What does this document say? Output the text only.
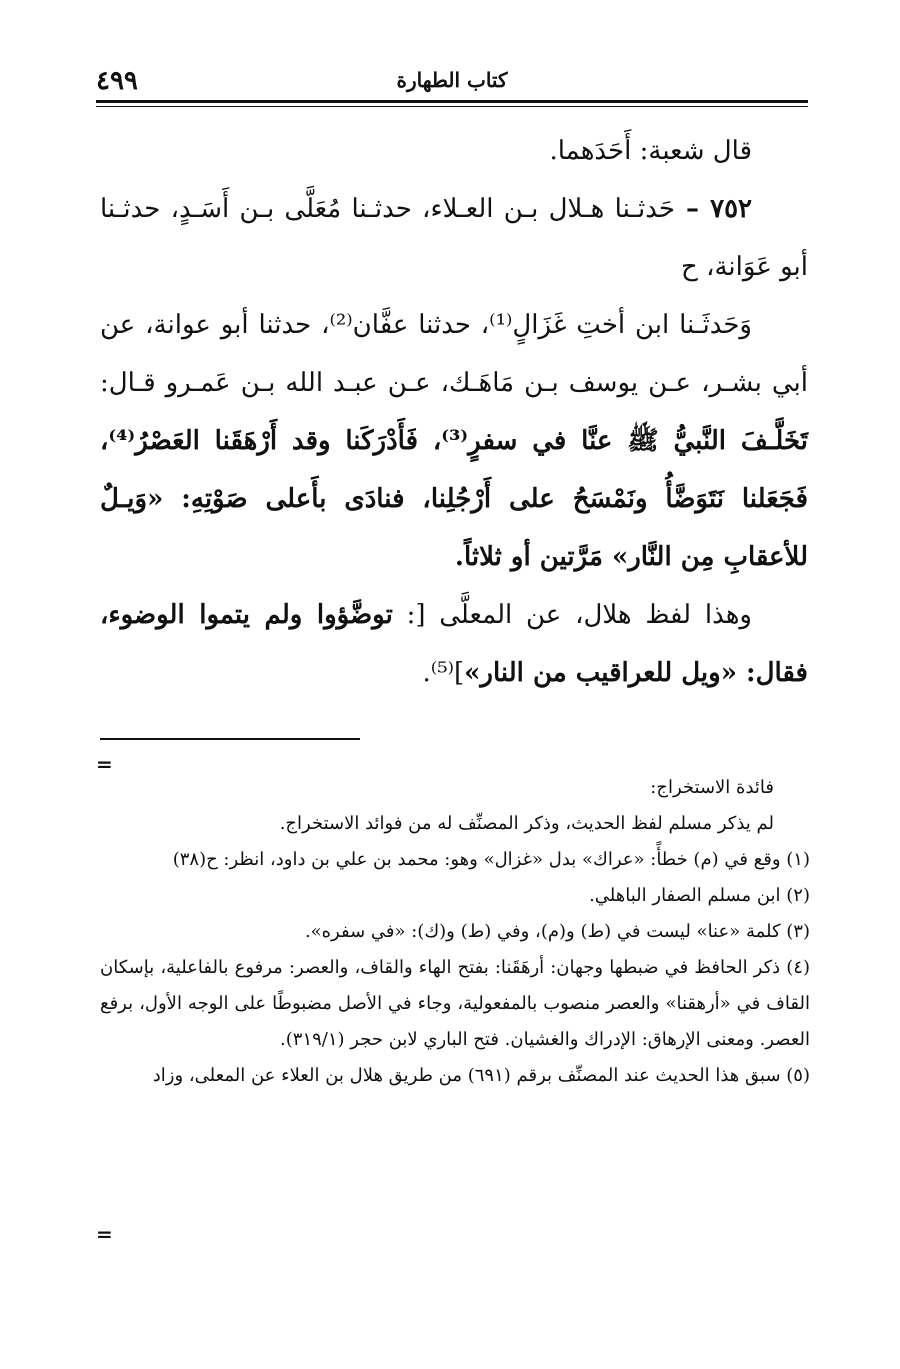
كتاب الطهارة
٤٩٩

قال شعبة: أَحَدَهما.

٧٥٢ – حَدثـنا هـلال بـن العـلاء، حدثـنا مُعَلَّى بـن أَسَـدٍ، حدثـنا أبو عَوَانة، ح

وَحَدثَـنا ابن أختِ غَزَالٍ⁽¹⁾، حدثنا عفَّان⁽²⁾، حدثنا أبو عوانة، عن أبي بشـر، عـن يوسف بـن مَاهَـك، عـن عبـد الله بـن عَمـرو قـال: تَخَلَّـفَ النَّبيُّ ﷺ عنَّا في سفرٍ⁽³⁾، فَأَدْرَكَنا وقد أَرْهَقَنا العَصْرُ⁽⁴⁾، فَجَعَلنا نَتَوَضَّأُ ونَمْسَحُ على أَرْجُلِنا، فنادَى بأَعلى صَوْتِهِ: «وَيـلٌ للأعقابِ مِن النَّار» مَرَّتين أو ثلاثاً.

وهذا لفظ هلال، عن المعلَّى [: توضَّؤوا ولم يتموا الوضوء، فقال: «ويل للعراقيب من النار»]⁽⁵⁾.

=

فائدة الاستخراج:

لم يذكر مسلم لفظ الحديث، وذكر المصنِّف له من فوائد الاستخراج.

(١) وقع في (م) خطأً: «عراك» بدل «غزال» وهو: محمد بن علي بن داود، انظر: ح(٣٨)

(٢) ابن مسلم الصفار الباهلي.

(٣) كلمة «عنا» ليست في (ط) و(م)، وفي (ط) و(ك): «في سفره».

(٤) ذكر الحافظ في ضبطها وجهان: أرهَقَنا: بفتح الهاء والقاف، والعصر: مرفوع بالفاعلية، بإسكان القاف في «أرهقنا» والعصر منصوب بالمفعولية، وجاء في الأصل مضبوطًا على الوجه الأول، برفع العصر. ومعنى الإرهاق: الإدراك والغشيان. فتح الباري لابن حجر (٣١٩/١).

(٥) سبق هذا الحديث عند المصنِّف برقم (٦٩١) من طريق هلال بن العلاء عن المعلى، وزاد

=
